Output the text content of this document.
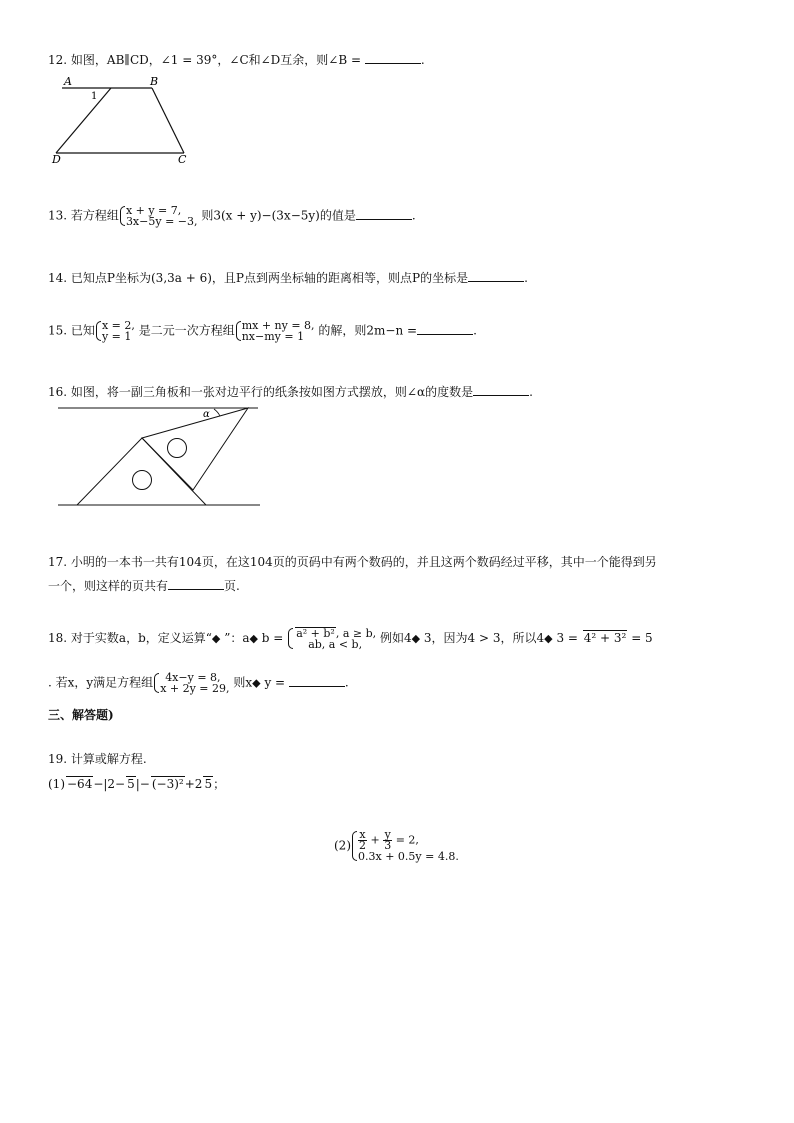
12. 如图，AB∥CD，∠1 = 39°，∠C和∠D互余，则∠B =	.
A	B
D	C
1
13. 若方程组 x + y = 7,
3x−5y = −3, 则3(x + y)−(3x−5y)的值是	.
14. 已知点P坐标为(3,3a + 6)，且P点到两坐标轴的距离相等，则点P的坐标是	.
15. 已知 x = 2,
y = 1 是二元一次方程组 mx + ny = 8,
nx−my = 1	的解，则2m−n =	.
16. 如图，将一副三角板和一张对边平行的纸条按如图方式摆放，则∠α的度数是	.
α
17. 小明的一本书一共有104页，在这104页的页码中有两个数码的，并且这两个数码经过平移，其中一个能得到另
一个，则这样的页共有	页.
18. 对于实数a，b，定义运算“◆ ”：a◆ b = a² + b², a ≥ b,
ab, a < b,	例如4◆ 3，因为4 > 3，所以4◆ 3 = 4² + 3² = 5
. 若x，y满足方程组	4x−y = 8,
x + 2y = 29, 则x◆ y =	.
三、解答题)
19. 计算或解方程.
(1) −64−|2− 5|− (−3)²+2 5；
$(2) \frac{x}{2} + \frac{y}{3} = 2$,
0.3x + 0.5y = 4.8.
